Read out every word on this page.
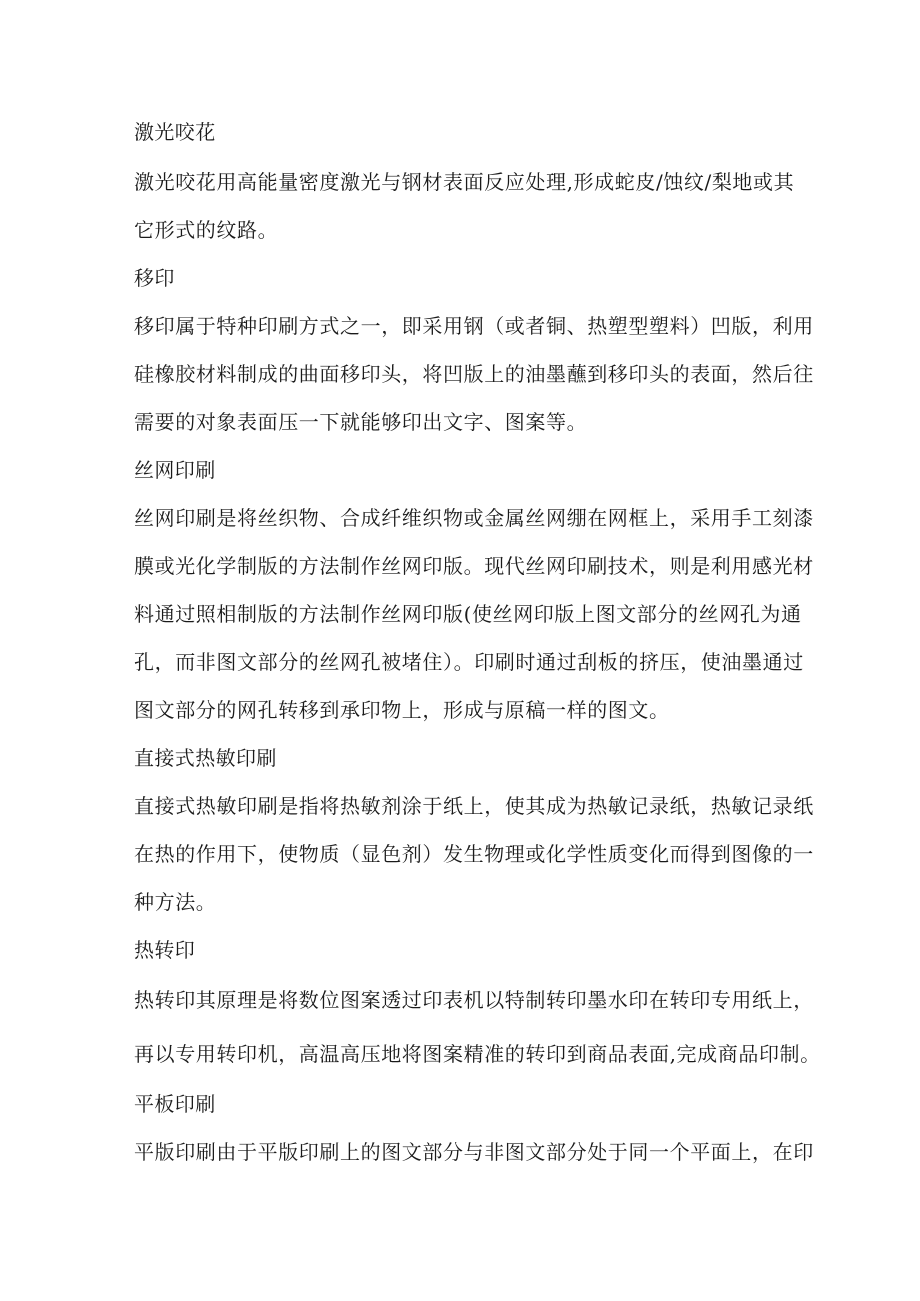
激光咬花
激光咬花用高能量密度激光与钢材表面反应处理,形成蛇皮/蚀纹/梨地或其
它形式的纹路。
移印
移印属于特种印刷方式之一，即采用钢（或者铜、热塑型塑料）凹版，利用
硅橡胶材料制成的曲面移印头，将凹版上的油墨蘸到移印头的表面，然后往
需要的对象表面压一下就能够印出文字、图案等。
丝网印刷
丝网印刷是将丝织物、合成纤维织物或金属丝网绷在网框上，采用手工刻漆
膜或光化学制版的方法制作丝网印版。现代丝网印刷技术，则是利用感光材
料通过照相制版的方法制作丝网印版(使丝网印版上图文部分的丝网孔为通
孔，而非图文部分的丝网孔被堵住）。印刷时通过刮板的挤压，使油墨通过
图文部分的网孔转移到承印物上，形成与原稿一样的图文。
直接式热敏印刷
直接式热敏印刷是指将热敏剂涂于纸上，使其成为热敏记录纸，热敏记录纸
在热的作用下，使物质（显色剂）发生物理或化学性质变化而得到图像的一
种方法。
热转印
热转印其原理是将数位图案透过印表机以特制转印墨水印在转印专用纸上，
再以专用转印机，高温高压地将图案精准的转印到商品表面,完成商品印制。
平板印刷
平版印刷由于平版印刷上的图文部分与非图文部分处于同一个平面上，在印
